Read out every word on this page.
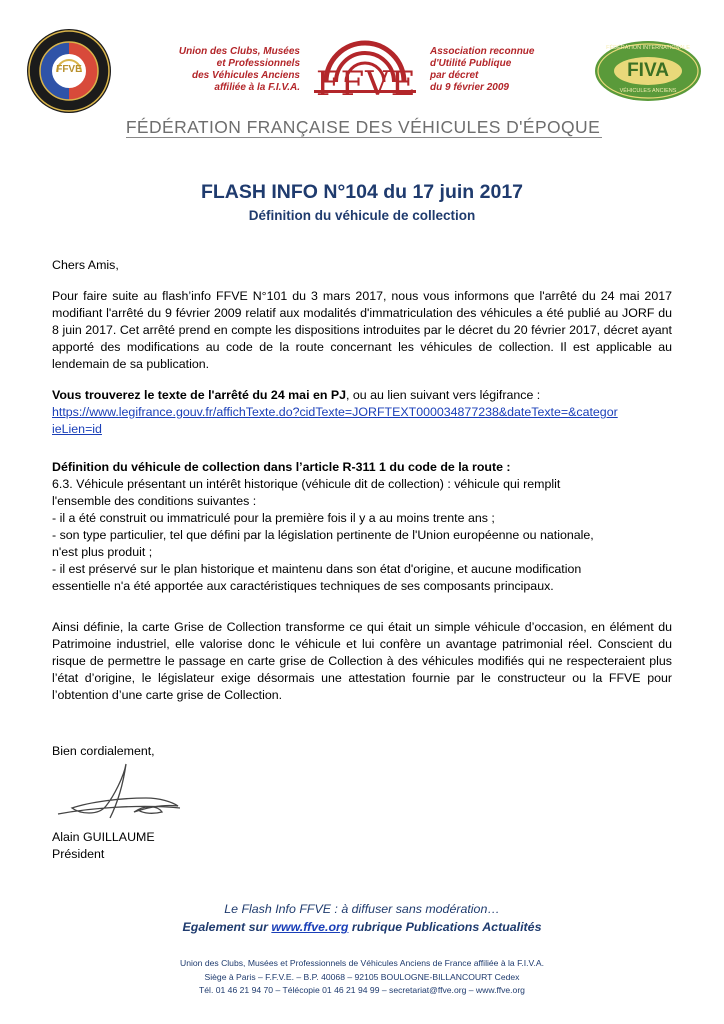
FFVE
Union des Clubs, Musées
et Professionnels
des Véhicules Anciens
affiliée à la F.I.V.A. FFVE
Association reconnue
d'Utilité Publique
par décret
du 9 février 2009
FÉDÉRATION INTERNATIONALE
FIVA
VÉHICULES ANCIENS
FÉDÉRATION FRANÇAISE DES VÉHICULES D'ÉPOQUE
FLASH INFO N°104 du 17 juin 2017
Définition du véhicule de collection
Chers Amis,
Pour faire suite au flash’info FFVE N°101 du 3 mars 2017, nous vous informons que l'arrêté du 24 mai 2017 modifiant l'arrêté du 9 février 2009 relatif aux modalités d'immatriculation des véhicules a été publié au JORF du 8 juin 2017. Cet arrêté prend en compte les dispositions introduites par le décret du 20 février 2017, décret ayant apporté des modifications au code de la route concernant les véhicules de collection. Il est applicable au lendemain de sa publication.
Vous trouverez le texte de l'arrêté du 24 mai en PJ, ou au lien suivant vers légifrance :
https://www.legifrance.gouv.fr/affichTexte.do?cidTexte=JORFTEXT000034877238&dateTexte=&categor
ieLien=id
Définition du véhicule de collection dans l’article R-311 1 du code de la route :
6.3. Véhicule présentant un intérêt historique (véhicule dit de collection) : véhicule qui remplit
l'ensemble des conditions suivantes :
- il a été construit ou immatriculé pour la première fois il y a au moins trente ans ;
- son type particulier, tel que défini par la législation pertinente de l'Union européenne ou nationale,
n'est plus produit ;
- il est préservé sur le plan historique et maintenu dans son état d'origine, et aucune modification
essentielle n'a été apportée aux caractéristiques techniques de ses composants principaux.
Ainsi définie, la carte Grise de Collection transforme ce qui était un simple véhicule d’occasion, en élément du Patrimoine industriel, elle valorise donc le véhicule et lui confère un avantage patrimonial réel. Conscient du risque de permettre le passage en carte grise de Collection à des véhicules modifiés qui ne respecteraient plus l’état d’origine, le législateur exige désormais une attestation fournie par le constructeur ou la FFVE pour l’obtention d’une carte grise de Collection.
Bien cordialement,
Alain GUILLAUME
Président
Le Flash Info FFVE : à diffuser sans modération…
Egalement sur www.ffve.org rubrique Publications Actualités
Union des Clubs, Musées et Professionnels de Véhicules Anciens de France affiliée à la F.I.V.A.
Siège à Paris – F.F.V.E. – B.P. 40068 – 92105 BOULOGNE-BILLANCOURT Cedex
Tél. 01 46 21 94 70 – Télécopie 01 46 21 94 99 – secretariat@ffve.org – www.ffve.org
